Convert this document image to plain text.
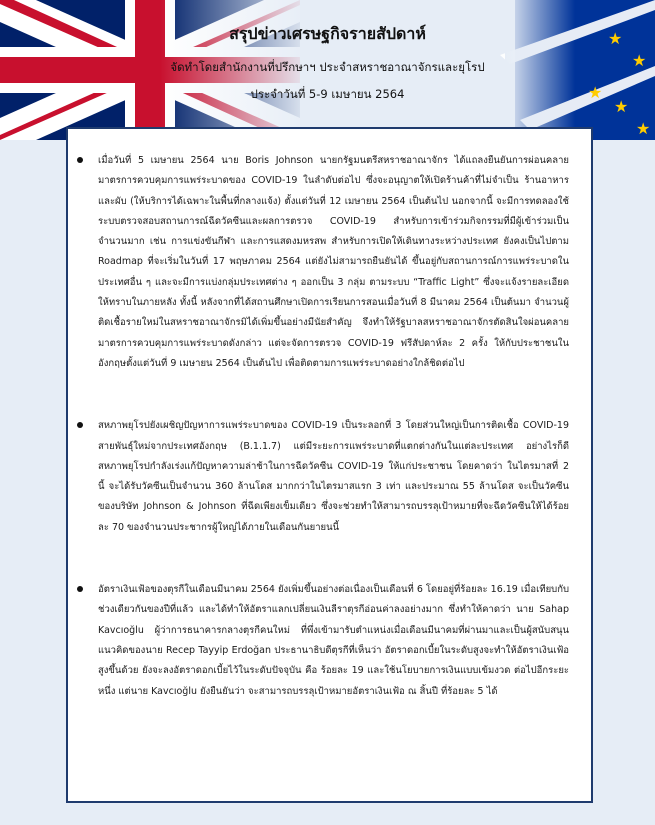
★
★
★
★
★
สรุปข่าวเศรษฐกิจรายสัปดาห์
จัดทำโดยสำนักงานที่ปรึกษาฯ ประจำสหราชอาณาจักรและยุโรป
ประจำวันที่ 5-9 เมษายน 2564
เมื่อวันที่ 5 เมษายน 2564 นาย Boris Johnson นายกรัฐมนตรีสหราชอาณาจักร ได้แถลงยืนยันการผ่อนคลายมาตรการควบคุมการแพร่ระบาดของ COVID-19 ในลำดับต่อไป ซึ่งจะอนุญาตให้เปิดร้านค้าที่ไม่จำเป็น ร้านอาหาร และผับ (ให้บริการได้เฉพาะในพื้นที่กลางแจ้ง) ตั้งแต่วันที่ 12 เมษายน 2564 เป็นต้นไป นอกจากนี้ จะมีการทดลองใช้ระบบตรวจสอบสถานการณ์ฉีดวัคซีนและผลการตรวจ COVID-19 สำหรับการเข้าร่วมกิจกรรมที่มีผู้เข้าร่วมเป็นจำนวนมาก เช่น การแข่งขันกีฬา และการแสดงมหรสพ สำหรับการเปิดให้เดินทางระหว่างประเทศ ยังคงเป็นไปตาม Roadmap ที่จะเริ่มในวันที่ 17 พฤษภาคม 2564 แต่ยังไม่สามารถยืนยันได้ ขึ้นอยู่กับสถานการณ์การแพร่ระบาดในประเทศอื่น ๆ และจะมีการแบ่งกลุ่มประเทศต่าง ๆ ออกเป็น 3 กลุ่ม ตามระบบ “Traffic Light” ซึ่งจะแจ้งรายละเอียดให้ทราบในภายหลัง ทั้งนี้ หลังจากที่ได้สถานศึกษาเปิดการเรียนการสอนเมื่อวันที่ 8 มีนาคม 2564 เป็นต้นมา จำนวนผู้ติดเชื้อรายใหม่ในสหราชอาณาจักรมิได้เพิ่มขึ้นอย่างมีนัยสำคัญ จึงทำให้รัฐบาลสหราชอาณาจักรตัดสินใจผ่อนคลายมาตรการควบคุมการแพร่ระบาดดังกล่าว แต่จะจัดการตรวจ COVID-19 ฟรีสัปดาห์ละ 2 ครั้ง ให้กับประชาชนในอังกฤษตั้งแต่วันที่ 9 เมษายน 2564 เป็นต้นไป เพื่อติดตามการแพร่ระบาดอย่างใกล้ชิดต่อไป
สหภาพยุโรปยังเผชิญปัญหาการแพร่ระบาดของ COVID-19 เป็นระลอกที่ 3 โดยส่วนใหญ่เป็นการติดเชื้อ COVID-19 สายพันธุ์ใหม่จากประเทศอังกฤษ (B.1.1.7) แต่มีระยะการแพร่ระบาดที่แตกต่างกันในแต่ละประเทศ อย่างไรก็ดี สหภาพยุโรปกำลังเร่งแก้ปัญหาความล่าช้าในการฉีดวัคซีน COVID-19 ให้แก่ประชาชน โดยคาดว่า ในไตรมาสที่ 2 นี้ จะได้รับวัคซีนเป็นจำนวน 360 ล้านโดส มากกว่าในไตรมาสแรก 3 เท่า และประมาณ 55 ล้านโดส จะเป็นวัคซีนของบริษัท Johnson & Johnson ที่ฉีดเพียงเข็มเดียว ซึ่งจะช่วยทำให้สามารถบรรลุเป้าหมายที่จะฉีดวัคซีนให้ได้ร้อยละ 70 ของจำนวนประชากรผู้ใหญ่ได้ภายในเดือนกันยายนนี้
อัตราเงินเฟ้อของตุรกีในเดือนมีนาคม 2564 ยังเพิ่มขึ้นอย่างต่อเนื่องเป็นเดือนที่ 6 โดยอยู่ที่ร้อยละ 16.19 เมื่อเทียบกับช่วงเดียวกันของปีที่แล้ว และได้ทำให้อัตราแลกเปลี่ยนเงินลีราตุรกีอ่อนค่าลงอย่างมาก ซึ่งทำให้คาดว่า นาย Sahap Kavcıoğlu ผู้ว่าการธนาคารกลางตุรกีคนใหม่ ที่พึ่งเข้ามารับตำแหน่งเมื่อเดือนมีนาคมที่ผ่านมาและเป็นผู้สนับสนุนแนวคิดของนาย Recep Tayyip Erdoğan ประธานาธิบดีตุรกีที่เห็นว่า อัตราดอกเบี้ยในระดับสูงจะทำให้อัตราเงินเฟ้อสูงขึ้นด้วย ยังจะลงอัตราดอกเบี้ยไว้ในระดับปัจจุบัน คือ ร้อยละ 19 และใช้นโยบายการเงินแบบเข้มงวด ต่อไปอีกระยะหนึ่ง แต่นาย Kavcıoğlu ยังยืนยันว่า จะสามารถบรรลุเป้าหมายอัตราเงินเฟ้อ ณ สิ้นปี ที่ร้อยละ 5 ได้
